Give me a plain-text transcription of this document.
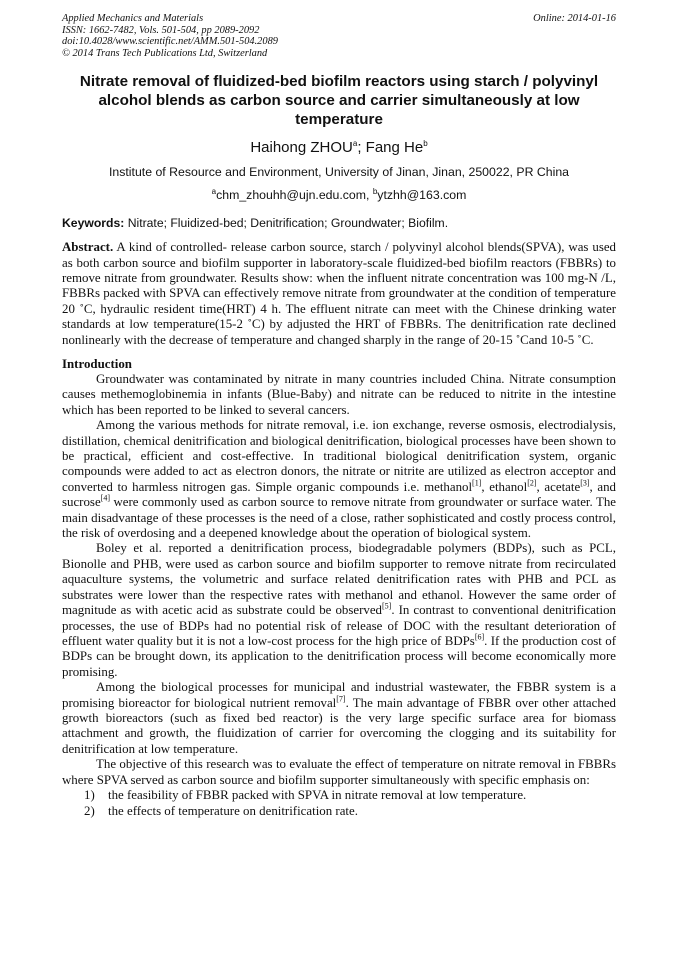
Applied Mechanics and Materials
ISSN: 1662-7482, Vols. 501-504, pp 2089-2092
doi:10.4028/www.scientific.net/AMM.501-504.2089
© 2014 Trans Tech Publications Ltd, Switzerland
Online: 2014-01-16
Nitrate removal of fluidized-bed biofilm reactors using starch / polyvinyl alcohol blends as carbon source and carrier simultaneously at low temperature
Haihong ZHOU$^a$; Fang He$^b$
Institute of Resource and Environment, University of Jinan, Jinan, 250022, PR China
$^a$chm_zhouhh@ujn.edu.com, $^b$ytzhh@163.com
Keywords: Nitrate; Fluidized-bed; Denitrification; Groundwater; Biofilm.
Abstract. A kind of controlled- release carbon source, starch / polyvinyl alcohol blends(SPVA), was used as both carbon source and biofilm supporter in laboratory-scale fluidized-bed biofilm reactors (FBBRs) to remove nitrate from groundwater. Results show: when the influent nitrate concentration was 100 mg-N /L, FBBRs packed with SPVA can effectively remove nitrate from groundwater at the condition of temperature 20 ˚C, hydraulic resident time(HRT) 4 h. The effluent nitrate can meet with the Chinese drinking water standards at low temperature(15-2 ˚C) by adjusted the HRT of FBBRs. The denitrification rate declined nonlinearly with the decrease of temperature and changed sharply in the range of 20-15 ˚Cand 10-5 ˚C.
Introduction

Groundwater was contaminated by nitrate in many countries included China. Nitrate consumption causes methemoglobinemia in infants (Blue-Baby) and nitrate can be reduced to nitrite in the intestine which has been reported to be linked to several cancers.

Among the various methods for nitrate removal, i.e. ion exchange, reverse osmosis, electrodialysis, distillation, chemical denitrification and biological denitrification, biological processes have been shown to be practical, efficient and cost-effective. In traditional biological denitrification system, organic compounds were added to act as electron donors, the nitrate or nitrite are utilized as electron acceptor and converted to harmless nitrogen gas. Simple organic compounds i.e. methanol[1], ethanol[2], acetate[3], and sucrose[4] were commonly used as carbon source to remove nitrate from groundwater or surface water. The main disadvantage of these processes is the need of a close, rather sophisticated and costly process control, the risk of overdosing and a deepened knowledge about the operation of biological system.

Boley et al. reported a denitrification process, biodegradable polymers (BDPs), such as PCL, Bionolle and PHB, were used as carbon source and biofilm supporter to remove nitrate from recirculated aquaculture systems, the volumetric and surface related denitrification rates with PHB and PCL as substrates were lower than the respective rates with methanol and ethanol. However the same order of magnitude as with acetic acid as substrate could be observed[5]. In contrast to conventional denitrification processes, the use of BDPs had no potential risk of release of DOC with the resultant deterioration of effluent water quality but it is not a low-cost process for the high price of BDPs[6]. If the production cost of BDPs can be brought down, its application to the denitrification process will become economically more promising.

Among the biological processes for municipal and industrial wastewater, the FBBR system is a promising bioreactor for biological nutrient removal[7]. The main advantage of FBBR over other attached growth bioreactors (such as fixed bed reactor) is the very large specific surface area for biomass attachment and growth, the fluidization of carrier for overcoming the clogging and its suitability for denitrification at low temperature.

The objective of this research was to evaluate the effect of temperature on nitrate removal in FBBRs where SPVA served as carbon source and biofilm supporter simultaneously with specific emphasis on:

1)	the feasibility of FBBR packed with SPVA in nitrate removal at low temperature.
2)	the effects of temperature on denitrification rate.
